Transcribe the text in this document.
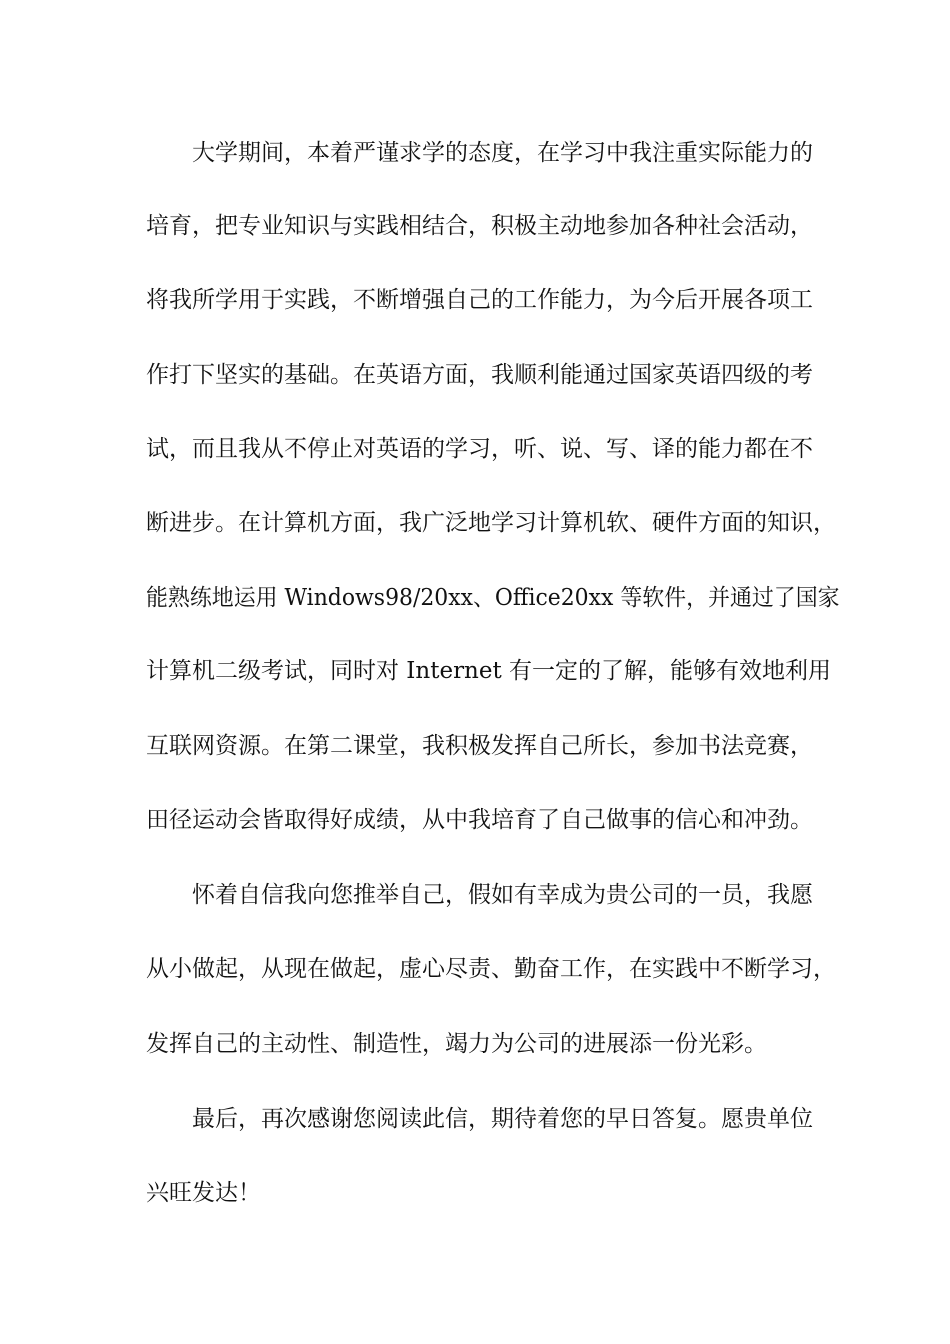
大学期间，本着严谨求学的态度，在学习中我注重实际能力的
培育，把专业知识与实践相结合，积极主动地参加各种社会活动，
将我所学用于实践，不断增强自己的工作能力，为今后开展各项工
作打下坚实的基础。在英语方面，我顺利能通过国家英语四级的考
试，而且我从不停止对英语的学习，听、说、写、译的能力都在不
断进步。在计算机方面，我广泛地学习计算机软、硬件方面的知识，
能熟练地运用 Windows98/20xx、Office20xx 等软件，并通过了国家
计算机二级考试，同时对 Internet 有一定的了解，能够有效地利用
互联网资源。在第二课堂，我积极发挥自己所长，参加书法竞赛，
田径运动会皆取得好成绩，从中我培育了自己做事的信心和冲劲。
怀着自信我向您推举自己，假如有幸成为贵公司的一员，我愿
从小做起，从现在做起，虚心尽责、勤奋工作，在实践中不断学习，
发挥自己的主动性、制造性，竭力为公司的进展添一份光彩。
最后，再次感谢您阅读此信，期待着您的早日答复。愿贵单位
兴旺发达！
